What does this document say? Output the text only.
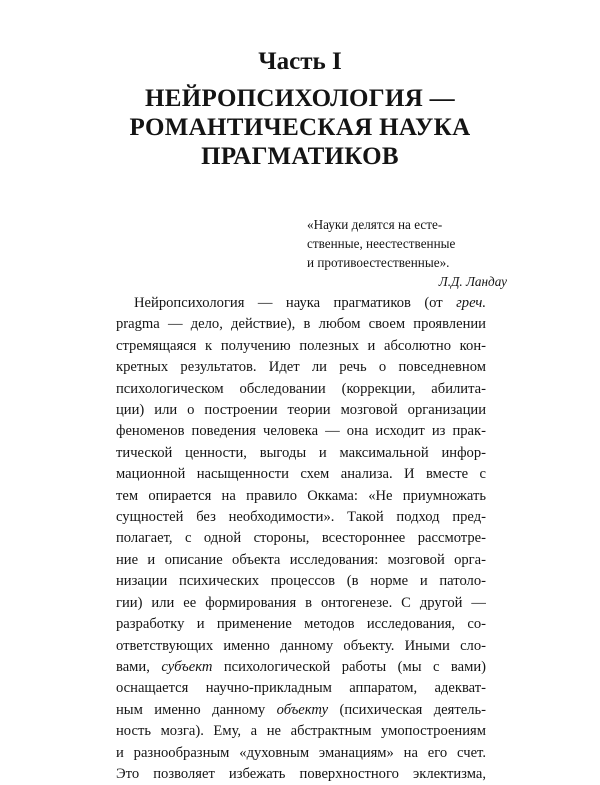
Часть I
НЕЙРОПСИХОЛОГИЯ —
РОМАНТИЧЕСКАЯ НАУКА
ПРАГМАТИКОВ
«Науки делятся на есте-
ственные, неестественные
и противоестественные».
Л.Д. Ландау
Нейропсихология — наука прагматиков (от греч.
pragma — дело, действие), в любом своем проявлении
стремящаяся к получению полезных и абсолютно кон-
кретных результатов. Идет ли речь о повседневном
психологическом обследовании (коррекции, абилита-
ции) или о построении теории мозговой организации
феноменов поведения человека — она исходит из прак-
тической ценности, выгоды и максимальной инфор-
мационной насыщенности схем анализа. И вместе с
тем опирается на правило Оккама: «Не приумножать
сущностей без необходимости». Такой подход пред-
полагает, с одной стороны, всестороннее рассмотре-
ние и описание объекта исследования: мозговой орга-
низации психических процессов (в норме и патоло-
гии) или ее формирования в онтогенезе. С другой —
разработку и применение методов исследования, со-
ответствующих именно данному объекту. Иными сло-
вами, субъект психологической работы (мы с вами)
оснащается научно-прикладным аппаратом, адекват-
ным именно данному объекту (психическая деятель-
ность мозга). Ему, а не абстрактным умопостроениям
и разнообразным «духовным эманациям» на его счет.
Это позволяет избежать поверхностного эклектизма,
